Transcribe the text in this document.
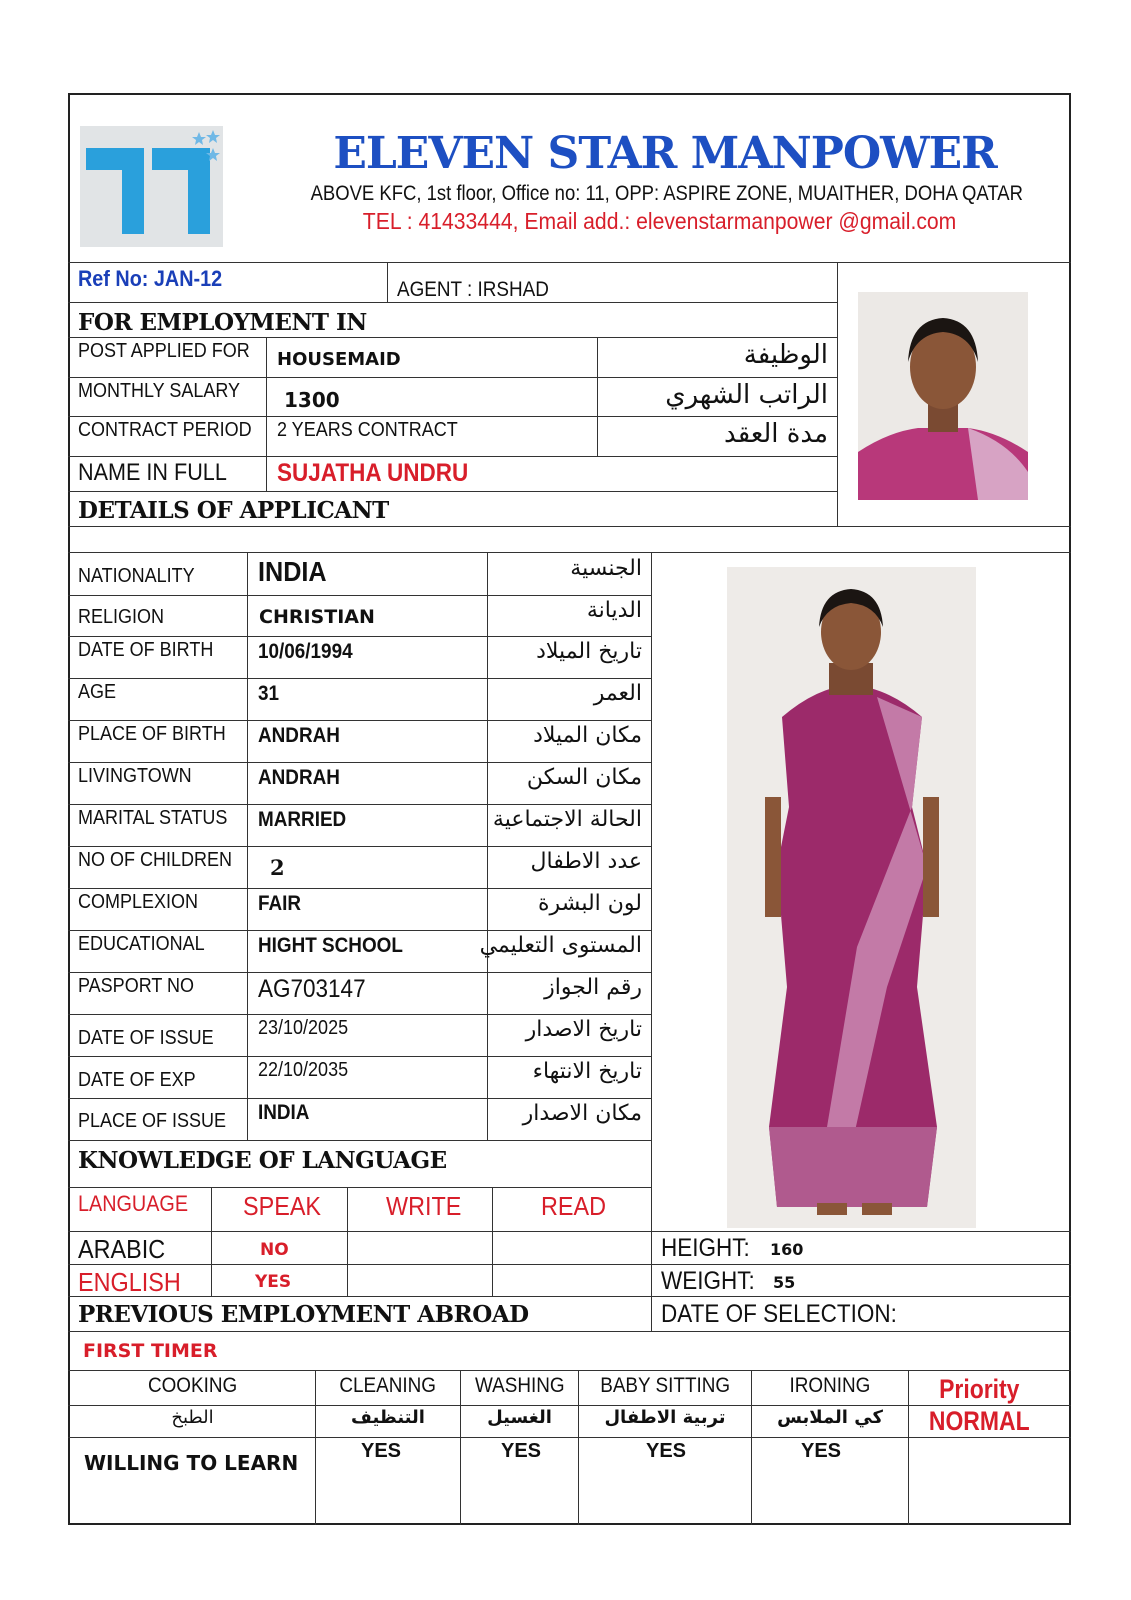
ELEVEN STAR MANPOWER
ABOVE KFC, 1st floor, Office no: 11, OPP: ASPIRE ZONE, MUAITHER, DOHA QATAR
TEL : 41433444, Email add.: elevenstarmanpower @gmail.com
Ref No: JAN-12	AGENT : IRSHAD
FOR EMPLOYMENT IN
POST APPLIED FOR HOUSEMAID	الوظيفة
MONTHLY SALARY 1300	الراتب الشهري
CONTRACT PERIOD 2 YEARS CONTRACT	مدة العقد
NAME IN FULL SUJATHA UNDRU
DETAILS OF APPLICANT
NATIONALITY INDIA	الجنسية
RELIGION	CHRISTIAN	الديانة
DATE OF BIRTH 10/06/1994	تاريخ الميلاد
AGE	31	العمر
PLACE OF BIRTH ANDRAH	مكان الميلاد
LIVINGTOWN	ANDRAH	مكان السكن
MARITAL STATUS MARRIED	الحالة الاجتماعية
NO OF CHILDREN 2	عدد الاطفال
COMPLEXION	FAIR	لون البشرة
EDUCATIONAL	HIGHT SCHOOL	المستوى التعليمي
PASPORT NO	AG703147	رقم الجواز
DATE OF ISSUE 23/10/2025	تاريخ الاصدار
DATE OF EXP	22/10/2035	تاريخ الانتهاء
PLACE OF ISSUE INDIA	مكان الاصدار
KNOWLEDGE OF LANGUAGE
LANGUAGE SPEAK WRITE	READ
ARABIC	NO
ENGLISH	YES
HEIGHT: 160
WEIGHT: 55
DATE OF SELECTION:
PREVIOUS EMPLOYMENT ABROAD
FIRST TIMER
COOKING	CLEANING	WASHING	BABY SITTING	IRONING	Priority
الطبخ	التنظيف	الغسيل	تربية الاطفال	كي الملابس	NORMAL
WILLING TO LEARN	YES	YES	YES	YES
